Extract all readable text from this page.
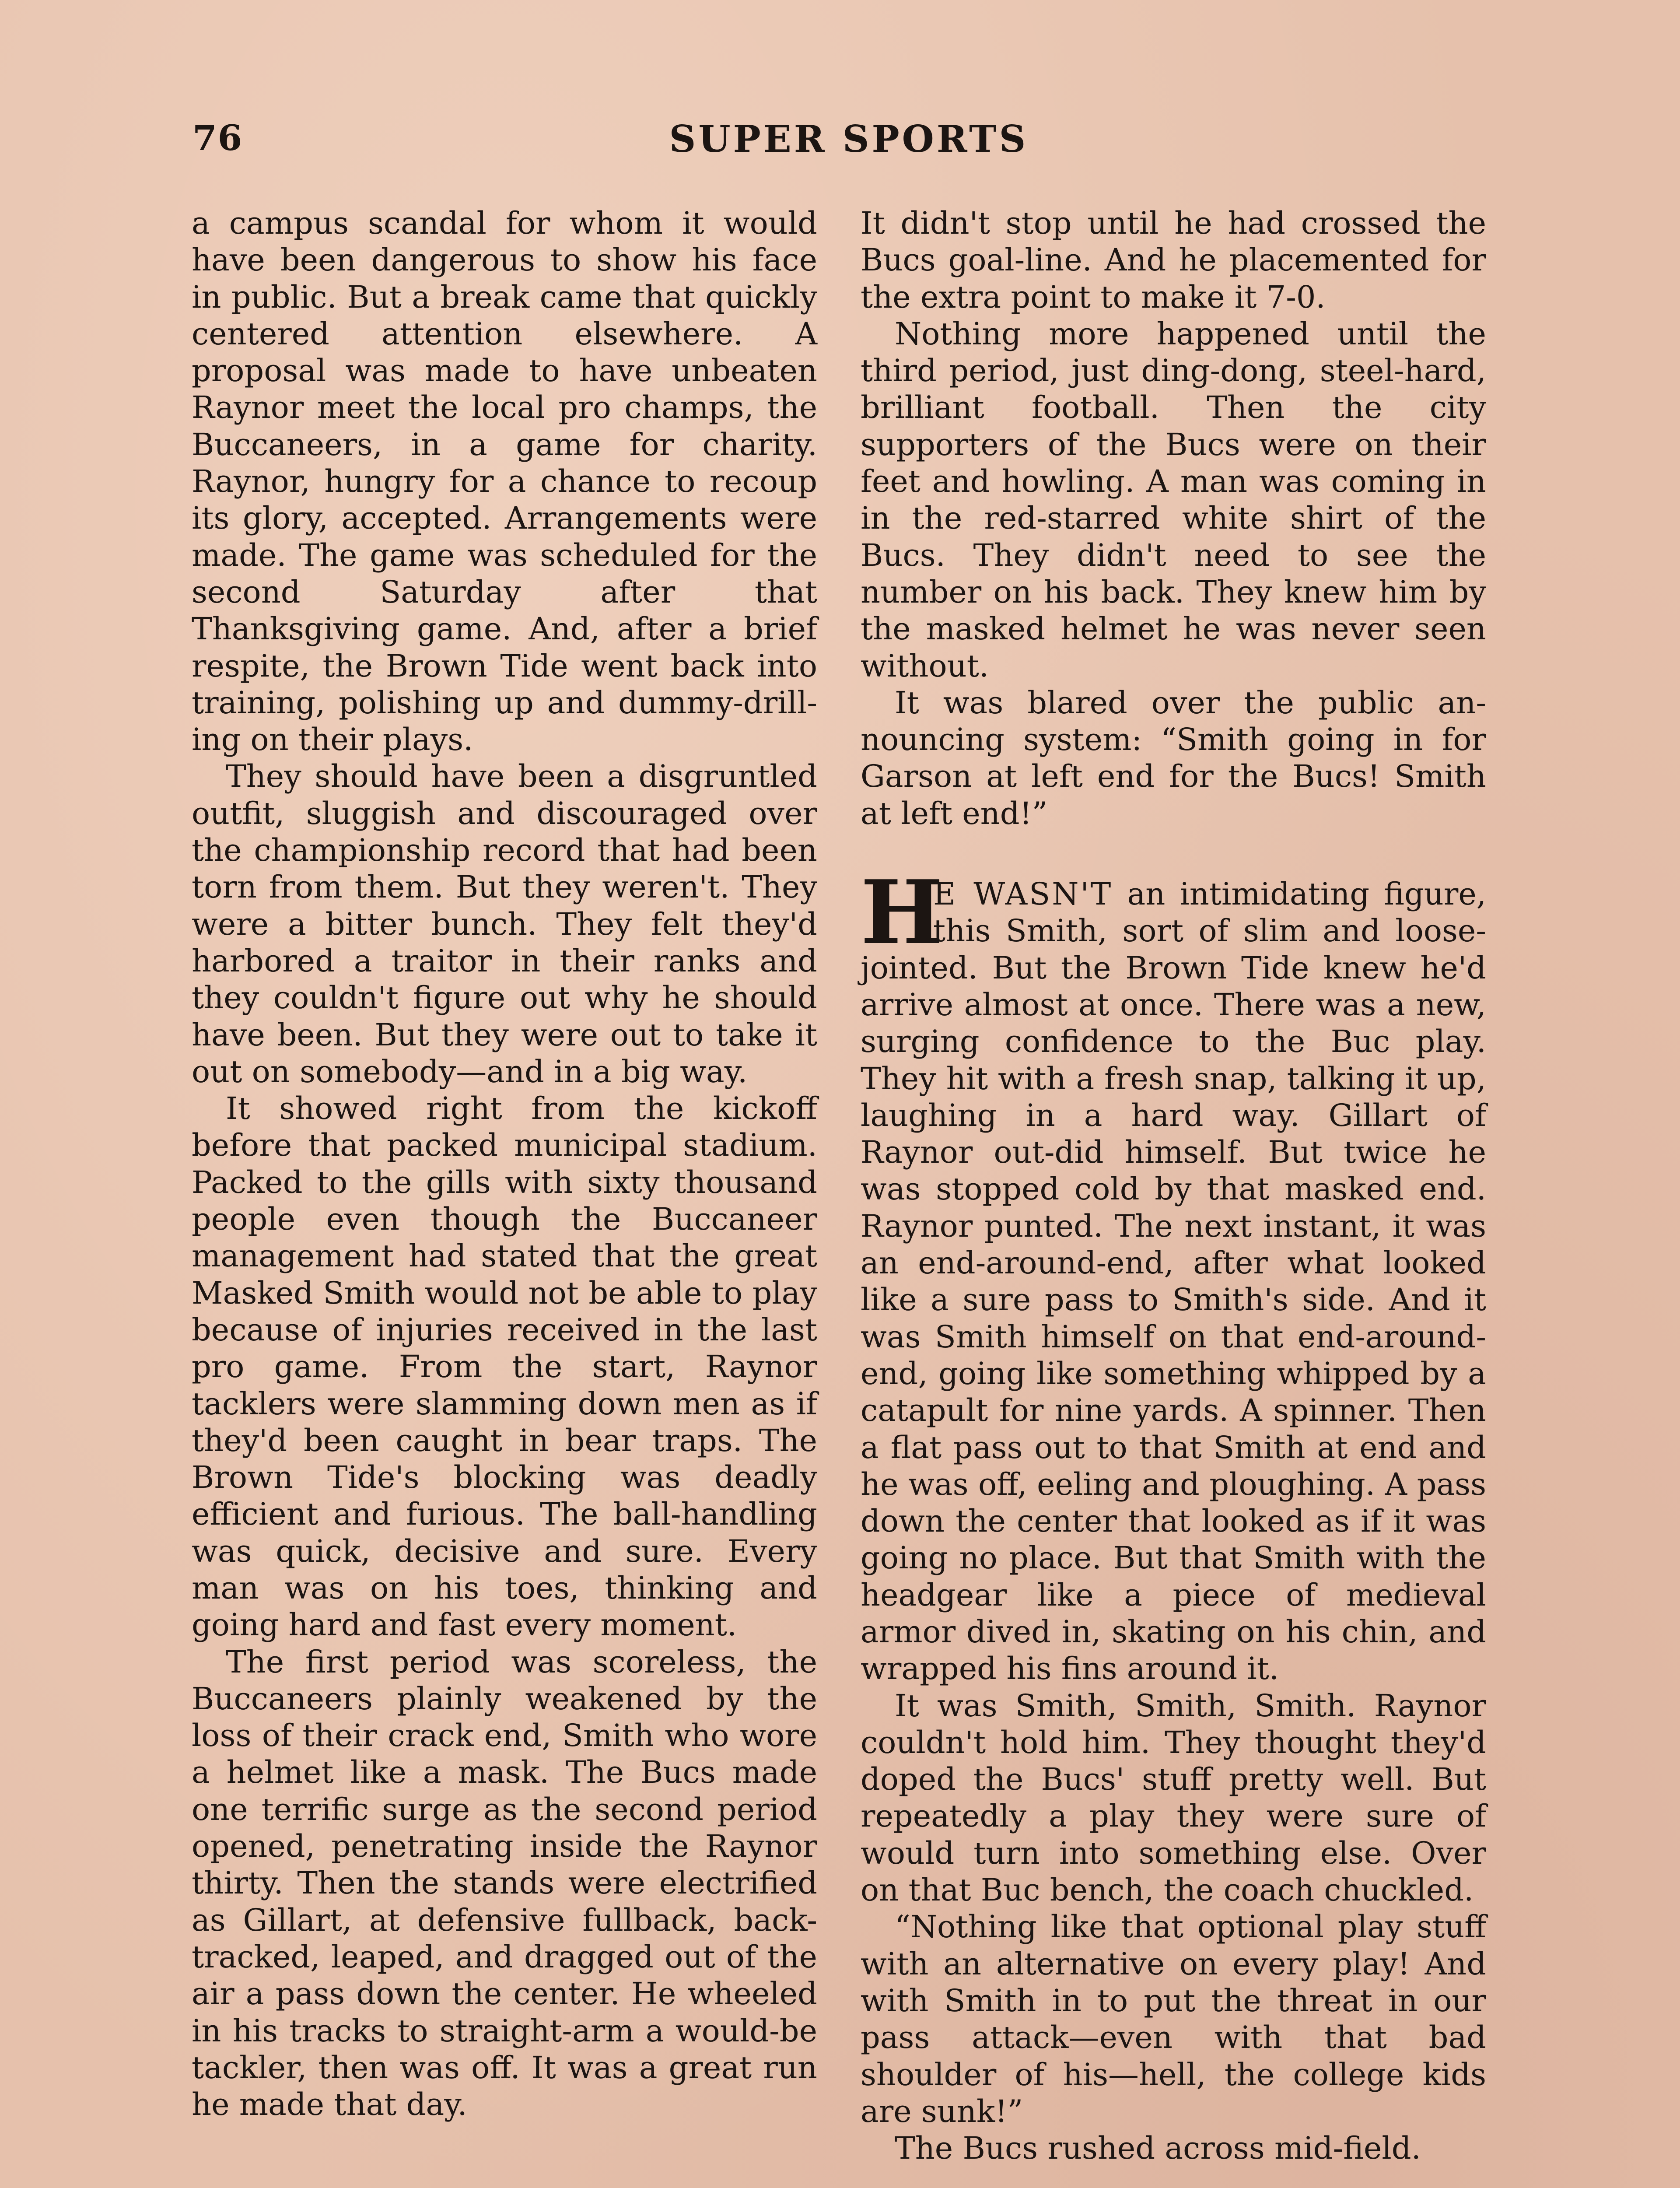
76	SUPER SPORTS

a campus scandal for whom it would have been dangerous to show his face in public. But a break came that quickly centered attention elsewhere. A proposal was made to have unbeaten Raynor meet the local pro champs, the Buccaneers, in a game for charity. Raynor, hungry for a chance to recoup its glory, accepted. Arrangements were made. The game was scheduled for the second Saturday after that Thanksgiving game. And, after a brief respite, the Brown Tide went back into training, polishing up and dummy-drilling on their plays.

They should have been a disgruntled outfit, sluggish and discouraged over the championship record that had been torn from them. But they weren't. They were a bitter bunch. They felt they'd harbored a traitor in their ranks and they couldn't figure out why he should have been. But they were out to take it out on somebody—and in a big way.

It showed right from the kickoff before that packed municipal stadium. Packed to the gills with sixty thousand people even though the Buccaneer management had stated that the great Masked Smith would not be able to play because of injuries received in the last pro game. From the start, Raynor tacklers were slamming down men as if they'd been caught in bear traps. The Brown Tide's blocking was deadly efficient and furious. The ball-handling was quick, decisive and sure. Every man was on his toes, thinking and going hard and fast every moment.

The first period was scoreless, the Buccaneers plainly weakened by the loss of their crack end, Smith who wore a helmet like a mask. The Bucs made one terrific surge as the second period opened, penetrating inside the Raynor thirty. Then the stands were electrified as Gillart, at defensive fullback, back-tracked, leaped, and dragged out of the air a pass down the center. He wheeled in his tracks to straight-arm a would-be tackler, then was off. It was a great run he made that day.

It didn't stop until he had crossed the Bucs goal-line. And he placemented for the extra point to make it 7-0.

Nothing more happened until the third period, just ding-dong, steel-hard, brilliant football. Then the city supporters of the Bucs were on their feet and howling. A man was coming in in the red-starred white shirt of the Bucs. They didn't need to see the number on his back. They knew him by the masked helmet he was never seen without.

It was blared over the public announcing system: “Smith going in for Garson at left end for the Bucs! Smith at left end!”

H
E WASN'T an intimidating figure, this Smith, sort of slim and loose-jointed. But the Brown Tide knew he'd arrive almost at once. There was a new, surging confidence to the Buc play. They hit with a fresh snap, talking it up, laughing in a hard way. Gillart of Raynor out-did himself. But twice he was stopped cold by that masked end. Raynor punted. The next instant, it was an end-around-end, after what looked like a sure pass to Smith's side. And it was Smith himself on that end-around-end, going like something whipped by a catapult for nine yards. A spinner. Then a flat pass out to that Smith at end and he was off, eeling and ploughing. A pass down the center that looked as if it was going no place. But that Smith with the headgear like a piece of medieval armor dived in, skating on his chin, and wrapped his fins around it.

It was Smith, Smith, Smith. Raynor couldn't hold him. They thought they'd doped the Bucs' stuff pretty well. But repeatedly a play they were sure of would turn into something else. Over on that Buc bench, the coach chuckled.

“Nothing like that optional play stuff with an alternative on every play! And with Smith in to put the threat in our pass attack—even with that bad shoulder of his—hell, the college kids are sunk!”

The Bucs rushed across mid-field.
